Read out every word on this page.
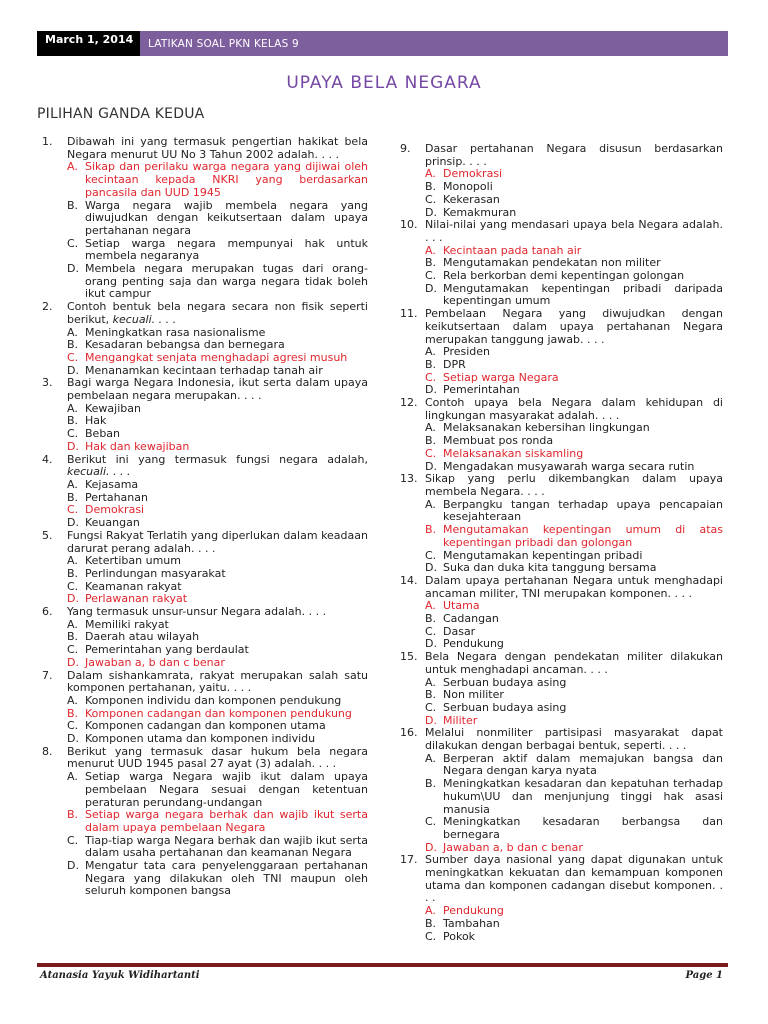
March 1, 2014	LATIKAN SOAL PKN KELAS 9
UPAYA BELA NEGARA
PILIHAN GANDA KEDUA
1.	Dibawah ini yang termasuk pengertian hakikat bela Negara menurut UU No 3 Tahun 2002 adalah. . . .
A. Sikap dan perilaku warga negara yang dijiwai oleh kecintaan kepada NKRI yang berdasarkan pancasila dan UUD 1945
B. Warga negara wajib membela negara yang diwujudkan dengan keikutsertaan dalam upaya pertahanan negara
C. Setiap warga negara mempunyai hak untuk membela negaranya
D. Membela negara merupakan tugas dari orang-orang penting saja dan warga negara tidak boleh ikut campur
2.	Contoh bentuk bela negara secara non fisik seperti berikut, kecuali. . . .
A. Meningkatkan rasa nasionalisme
B. Kesadaran bebangsa dan bernegara
C. Mengangkat senjata menghadapi agresi musuh
D. Menanamkan kecintaan terhadap tanah air
3.	Bagi warga Negara Indonesia, ikut serta dalam upaya pembelaan negara merupakan. . . .
A. Kewajiban
B. Hak
C. Beban
D. Hak dan kewajiban
4.	Berikut ini yang termasuk fungsi negara adalah, kecuali. . . .
A. Kejasama
B. Pertahanan
C. Demokrasi
D. Keuangan
5.	Fungsi Rakyat Terlatih yang diperlukan dalam keadaan darurat perang adalah. . . .
A. Ketertiban umum
B. Perlindungan masyarakat
C. Keamanan rakyat
D. Perlawanan rakyat
6.	Yang termasuk unsur-unsur Negara adalah. . . .
A. Memiliki rakyat
B. Daerah atau wilayah
C. Pemerintahan yang berdaulat
D. Jawaban a, b dan c benar
7.	Dalam sishankamrata, rakyat merupakan salah satu komponen pertahanan, yaitu. . . .
A. Komponen individu dan komponen pendukung
B. Komponen cadangan dan komponen pendukung
C. Komponen cadangan dan komponen utama
D. Komponen utama dan komponen individu
8.	Berikut yang termasuk dasar hukum bela negara menurut UUD 1945 pasal 27 ayat (3) adalah. . . .
A. Setiap warga Negara wajib ikut dalam upaya pembelaan Negara sesuai dengan ketentuan peraturan perundang-undangan
B. Setiap warga negara berhak dan wajib ikut serta dalam upaya pembelaan Negara
C. Tiap-tiap warga Negara berhak dan wajib ikut serta dalam usaha pertahanan dan keamanan Negara
D. Mengatur tata cara penyelenggaraan pertahanan Negara yang dilakukan oleh TNI maupun oleh seluruh komponen bangsa
9.	Dasar pertahanan Negara disusun berdasarkan prinsip. . . .
A. Demokrasi
B. Monopoli
C. Kekerasan
D. Kemakmuran
10. Nilai-nilai yang mendasari upaya bela Negara adalah. . . .
A. Kecintaan pada tanah air
B. Mengutamakan pendekatan non militer
C. Rela berkorban demi kepentingan golongan
D. Mengutamakan kepentingan pribadi daripada kepentingan umum
11. Pembelaan Negara yang diwujudkan dengan keikutsertaan dalam upaya pertahanan Negara merupakan tanggung jawab. . . .
A. Presiden
B. DPR
C. Setiap warga Negara
D. Pemerintahan
12. Contoh upaya bela Negara dalam kehidupan di lingkungan masyarakat adalah. . . .
A. Melaksanakan kebersihan lingkungan
B. Membuat pos ronda
C. Melaksanakan siskamling
D. Mengadakan musyawarah warga secara rutin
13. Sikap yang perlu dikembangkan dalam upaya membela Negara. . . .
A. Berpangku tangan terhadap upaya pencapaian kesejahteraan
B. Mengutamakan kepentingan umum di atas kepentingan pribadi dan golongan
C. Mengutamakan kepentingan pribadi
D. Suka dan duka kita tanggung bersama
14. Dalam upaya pertahanan Negara untuk menghadapi ancaman militer, TNI merupakan komponen. . . .
A. Utama
B. Cadangan
C. Dasar
D. Pendukung
15. Bela Negara dengan pendekatan militer dilakukan untuk menghadapi ancaman. . . .
A. Serbuan budaya asing
B. Non militer
C. Serbuan budaya asing
D. Militer
16. Melalui nonmiliter partisipasi masyarakat dapat dilakukan dengan berbagai bentuk, seperti. . . .
A. Berperan aktif dalam memajukan bangsa dan Negara dengan karya nyata
B. Meningkatkan kesadaran dan kepatuhan terhadap hukum\UU dan menjunjung tinggi hak asasi manusia
C. Meningkatkan kesadaran berbangsa dan bernegara
D. Jawaban a, b dan c benar
17. Sumber daya nasional yang dapat digunakan untuk meningkatkan kekuatan dan kemampuan komponen utama dan komponen cadangan disebut komponen. . . .
A. Pendukung
B. Tambahan
C. Pokok
Atanasia Yayuk Widihartanti	Page 1
